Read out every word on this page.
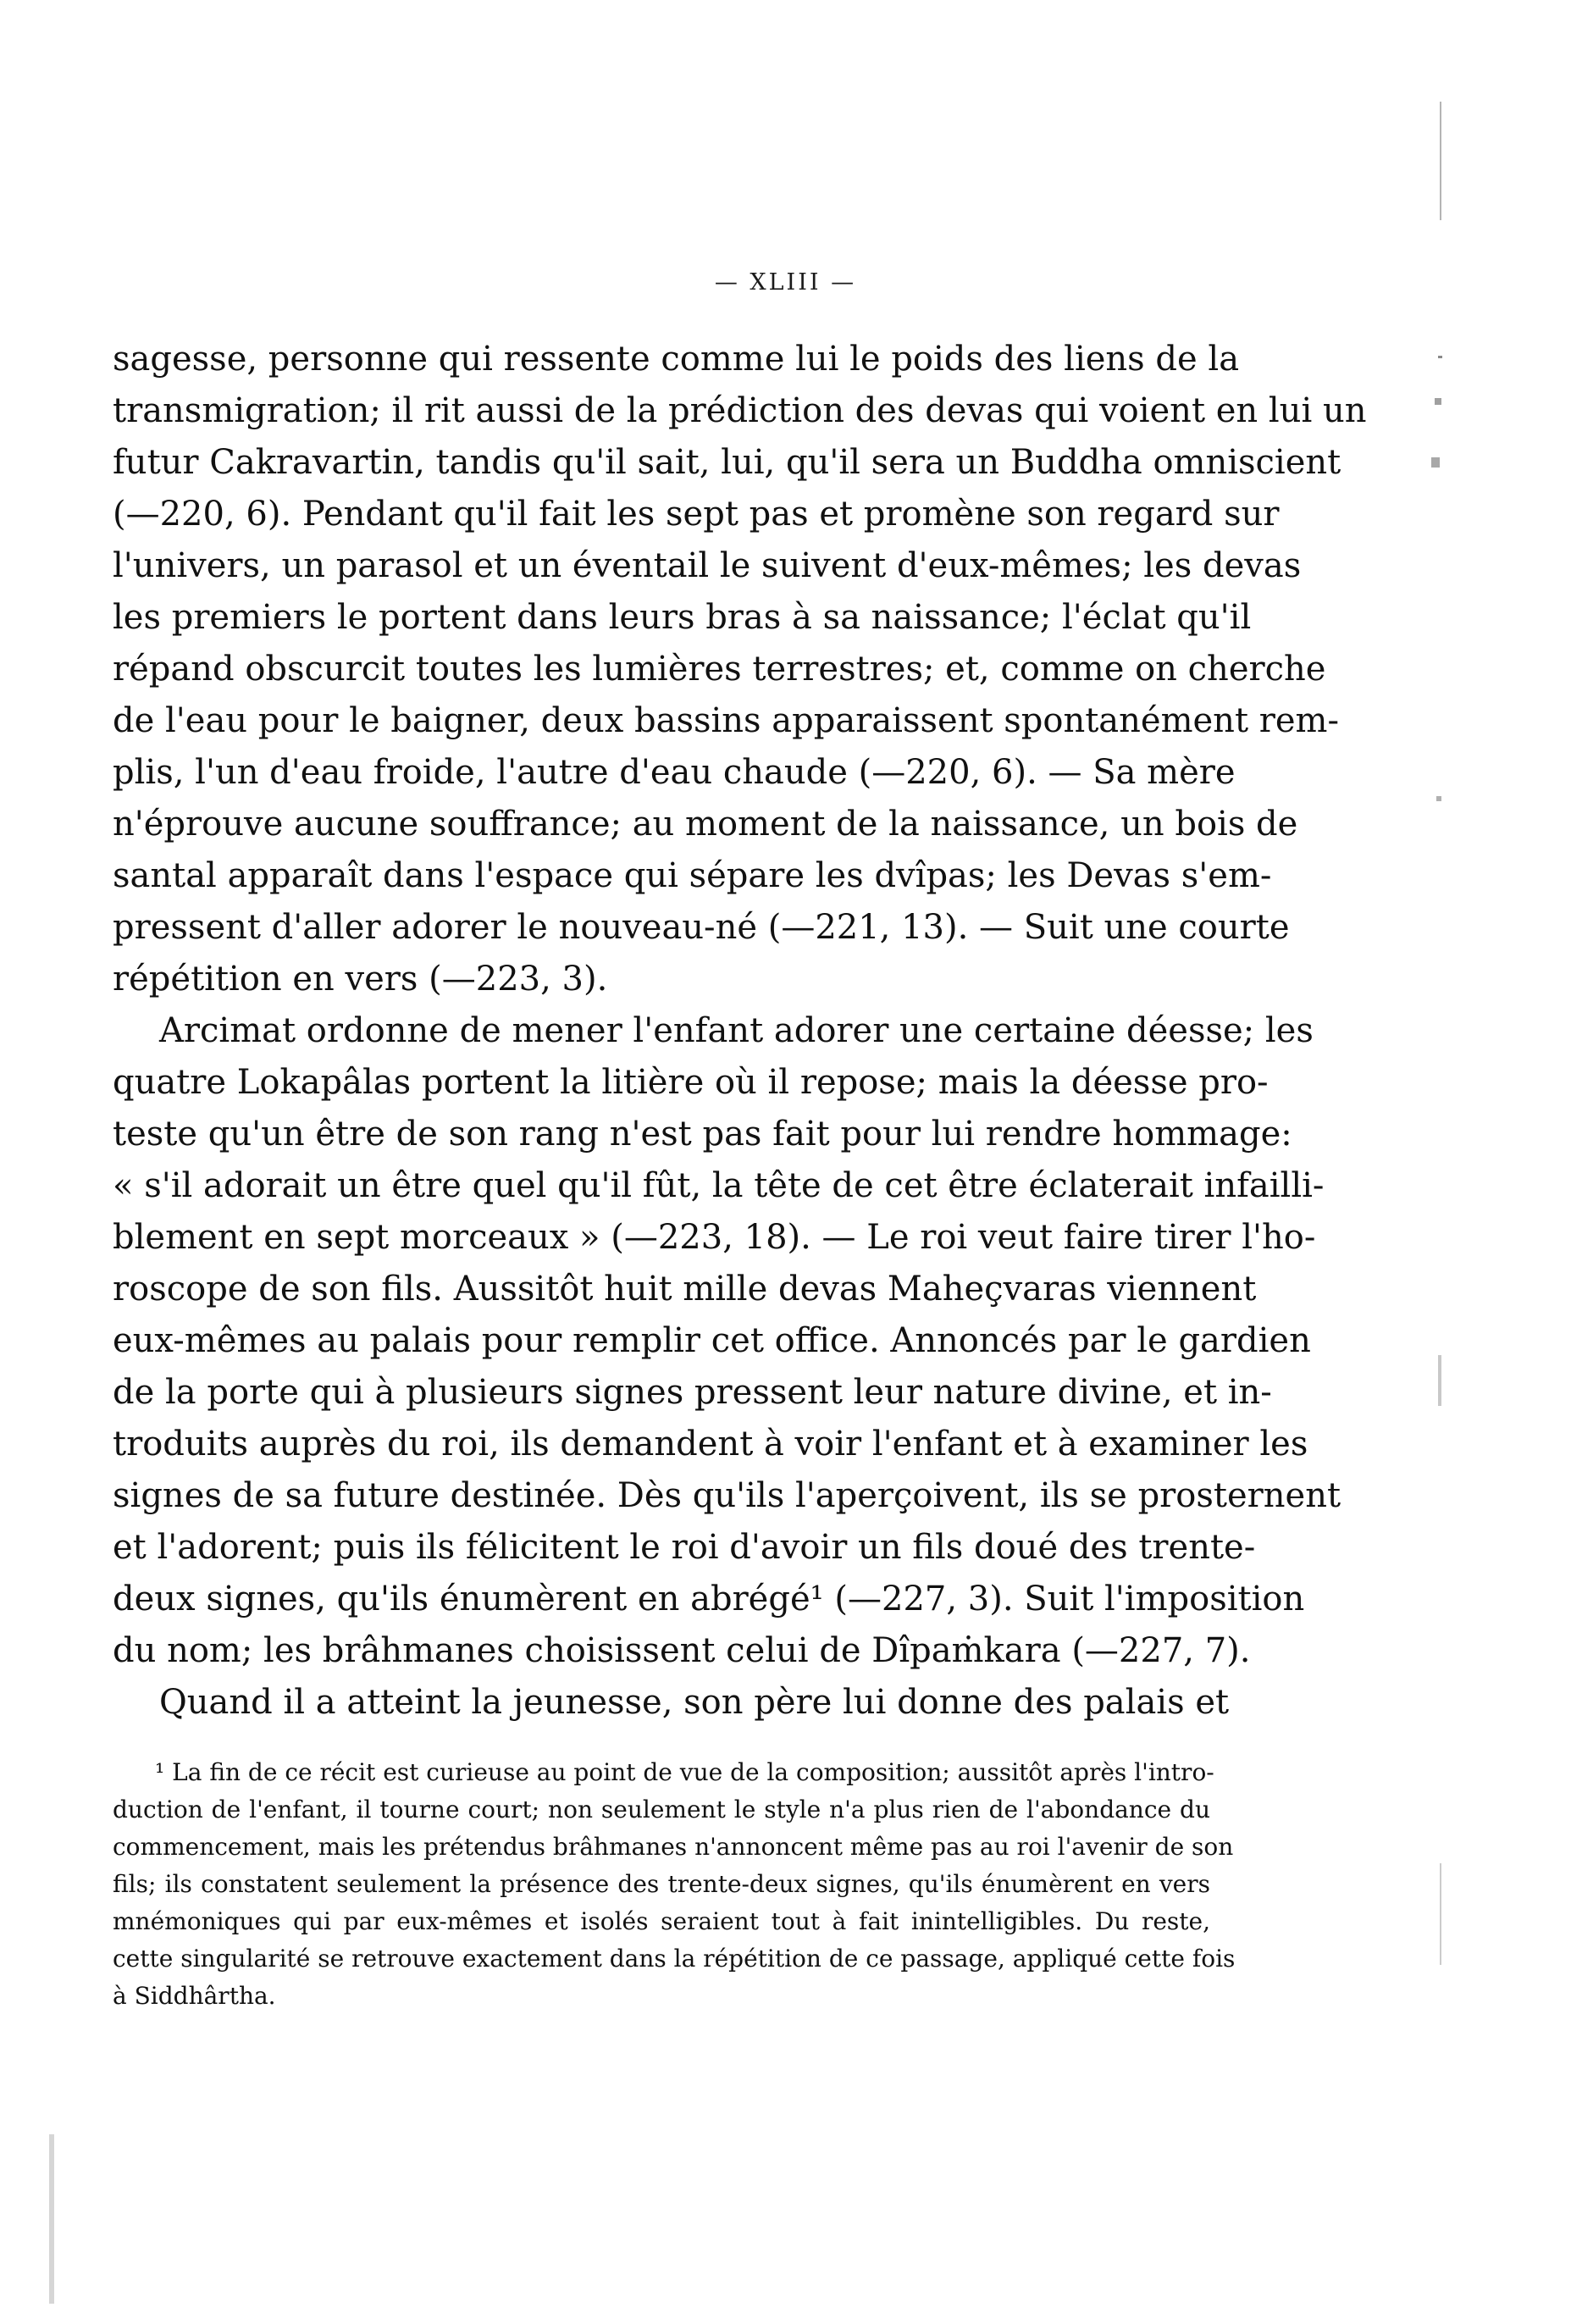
— XLIII —
sagesse, personne qui ressente comme lui le poids des liens de la
transmigration; il rit aussi de la prédiction des devas qui voient en lui un
futur Cakravartin, tandis qu'il sait, lui, qu'il sera un Buddha omniscient
(—220, 6). Pendant qu'il fait les sept pas et promène son regard sur
l'univers, un parasol et un éventail le suivent d'eux-mêmes; les devas
les premiers le portent dans leurs bras à sa naissance; l'éclat qu'il
répand obscurcit toutes les lumières terrestres; et, comme on cherche
de l'eau pour le baigner, deux bassins apparaissent spontanément rem-
plis, l'un d'eau froide, l'autre d'eau chaude (—220, 6). — Sa mère
n'éprouve aucune souffrance; au moment de la naissance, un bois de
santal apparaît dans l'espace qui sépare les dvîpas; les Devas s'em-
pressent d'aller adorer le nouveau-né (—221, 13). — Suit une courte
répétition en vers (—223, 3).
Arcimat ordonne de mener l'enfant adorer une certaine déesse; les
quatre Lokapâlas portent la litière où il repose; mais la déesse pro-
teste qu'un être de son rang n'est pas fait pour lui rendre hommage:
« s'il adorait un être quel qu'il fût, la tête de cet être éclaterait infailli-
blement en sept morceaux » (—223, 18). — Le roi veut faire tirer l'ho-
roscope de son fils. Aussitôt huit mille devas Maheçvaras viennent
eux-mêmes au palais pour remplir cet office. Annoncés par le gardien
de la porte qui à plusieurs signes pressent leur nature divine, et in-
troduits auprès du roi, ils demandent à voir l'enfant et à examiner les
signes de sa future destinée. Dès qu'ils l'aperçoivent, ils se prosternent
et l'adorent; puis ils félicitent le roi d'avoir un fils doué des trente-
deux signes, qu'ils énumèrent en abrégé¹ (—227, 3). Suit l'imposition
du nom; les brâhmanes choisissent celui de Dîpaṁkara (—227, 7).
Quand il a atteint la jeunesse, son père lui donne des palais et
¹ La fin de ce récit est curieuse au point de vue de la composition; aussitôt après l'intro-
duction de l'enfant, il tourne court; non seulement le style n'a plus rien de l'abondance du
commencement, mais les prétendus brâhmanes n'annoncent même pas au roi l'avenir de son
fils; ils constatent seulement la présence des trente-deux signes, qu'ils énumèrent en vers
mnémoniques qui par eux-mêmes et isolés seraient tout à fait inintelligibles. Du reste,
cette singularité se retrouve exactement dans la répétition de ce passage, appliqué cette fois
à Siddhârtha.
